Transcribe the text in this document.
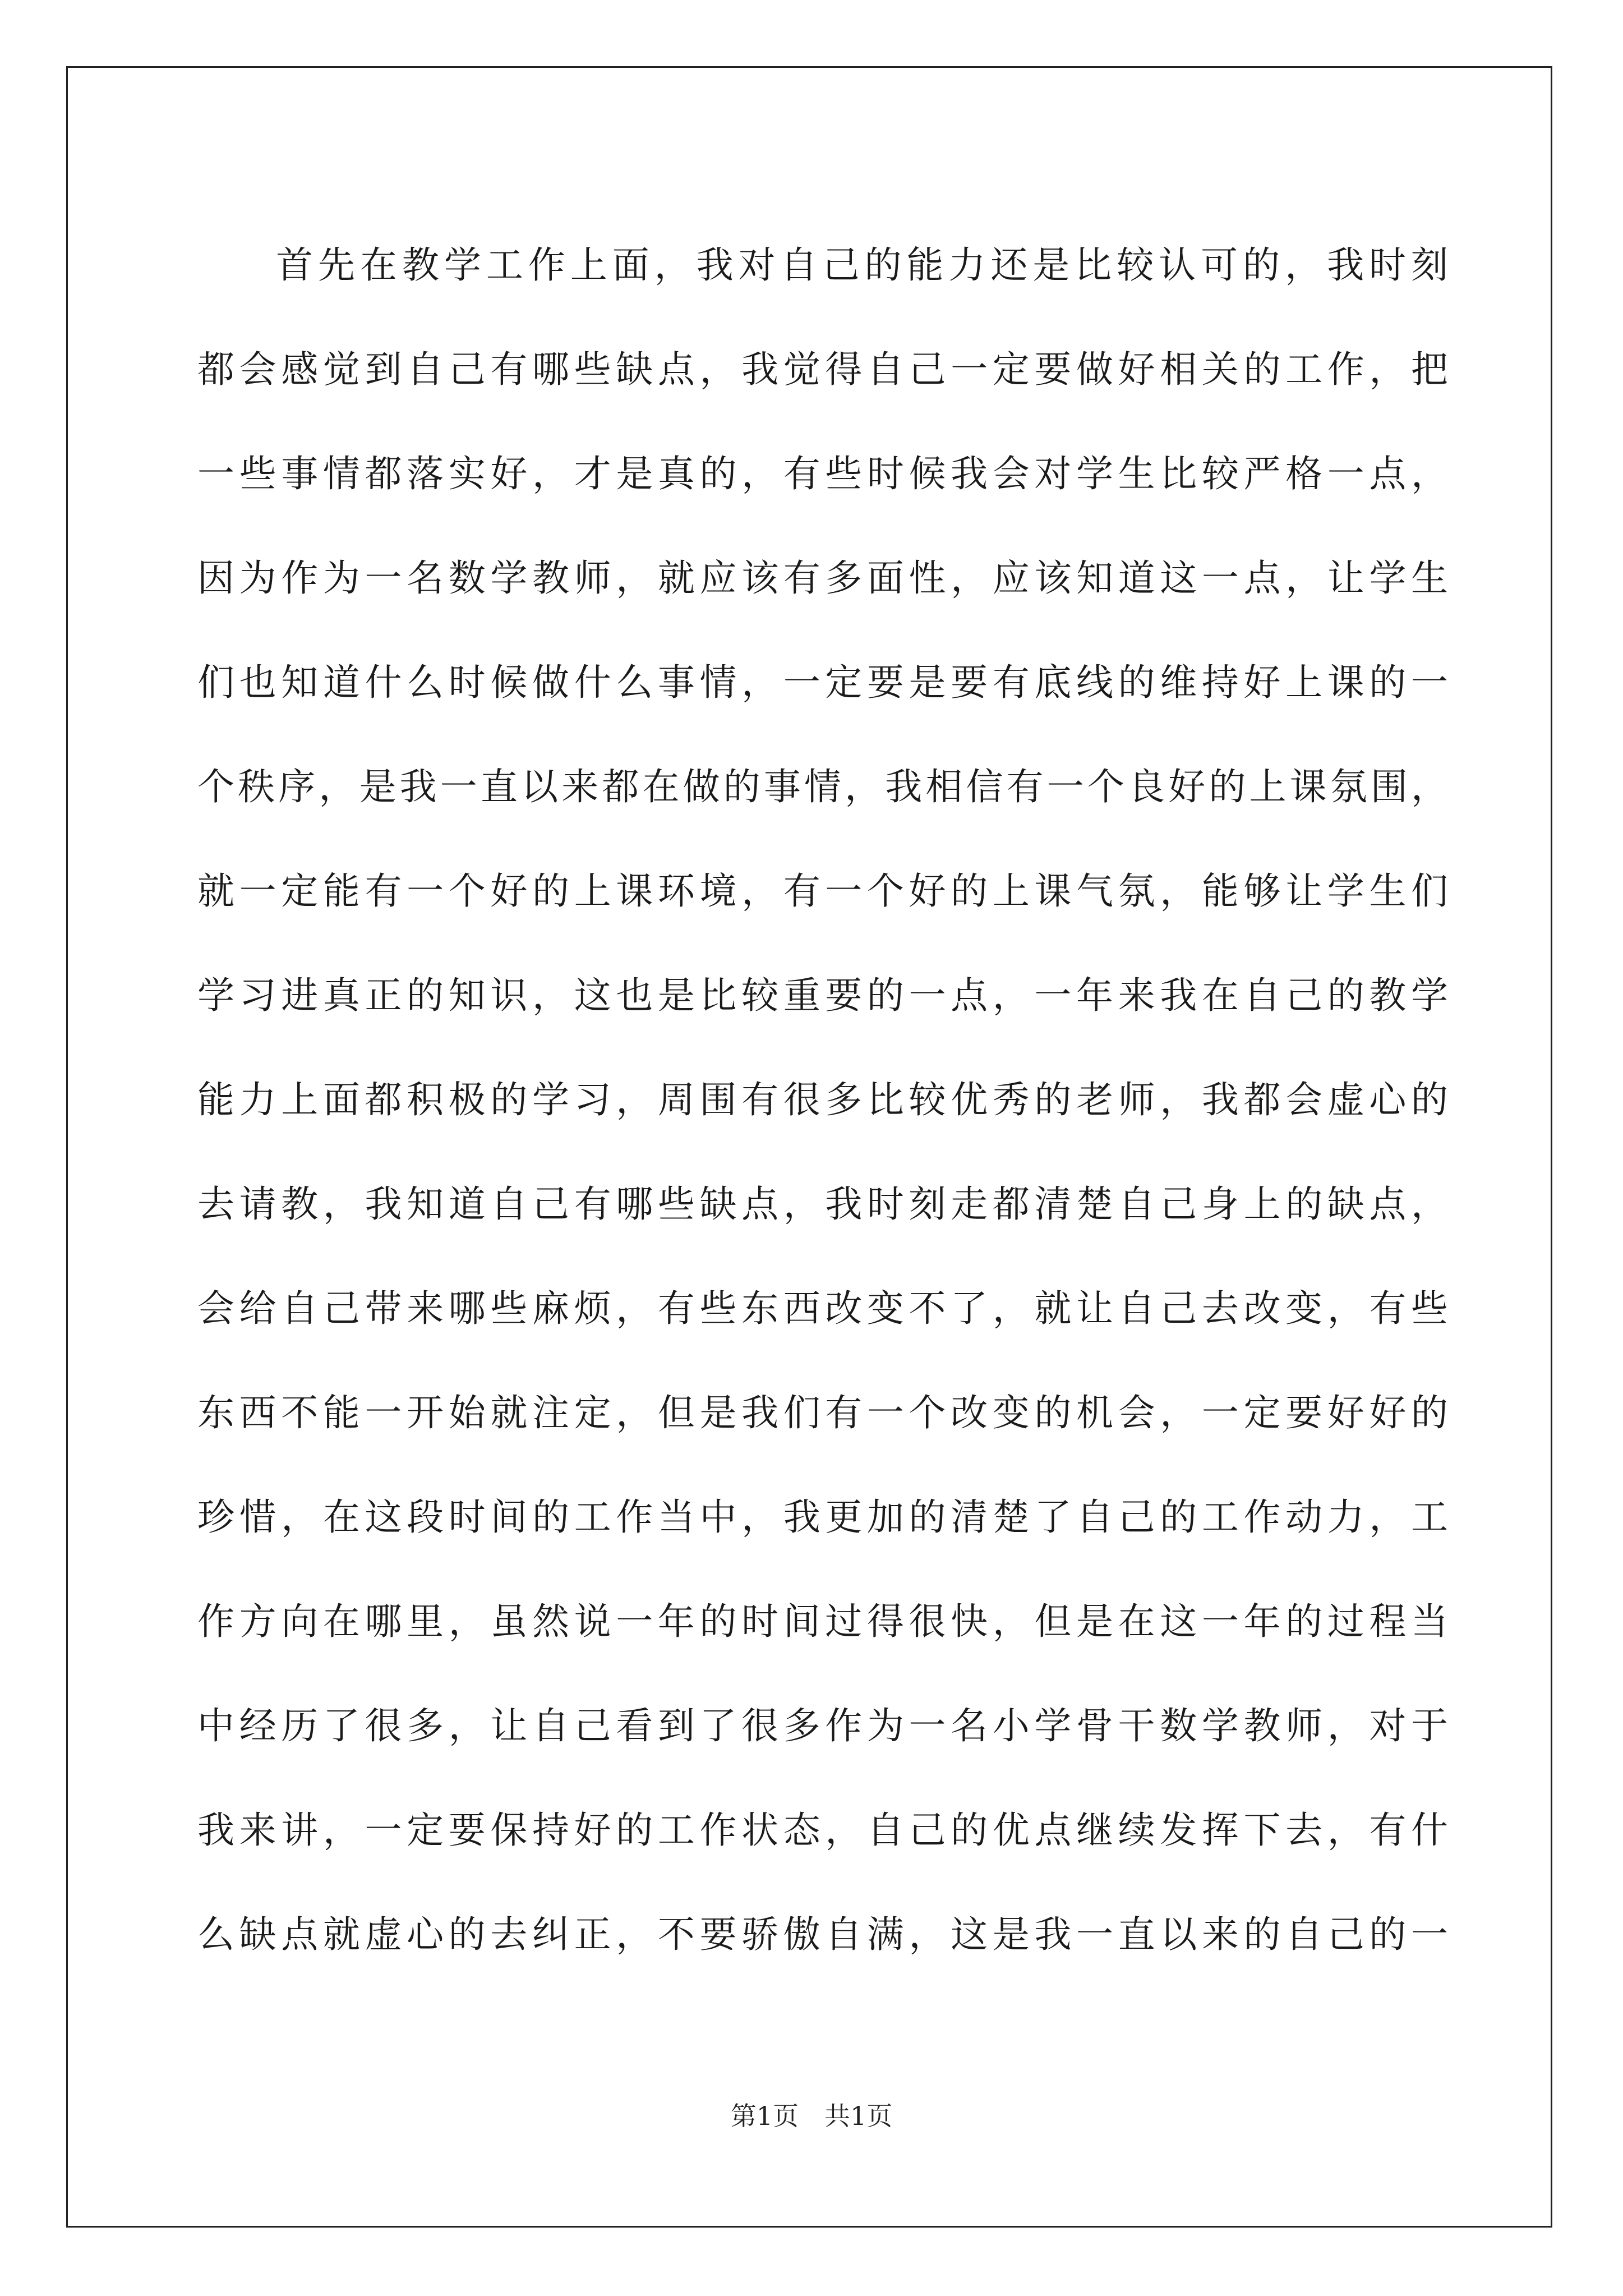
首先在教学工作上面，我对自己的能力还是比较认可的，我时刻
都会感觉到自己有哪些缺点，我觉得自己一定要做好相关的工作，把
一些事情都落实好，才是真的，有些时候我会对学生比较严格一点，
因为作为一名数学教师，就应该有多面性，应该知道这一点，让学生
们也知道什么时候做什么事情，一定要是要有底线的维持好上课的一
个秩序，是我一直以来都在做的事情，我相信有一个良好的上课氛围，
就一定能有一个好的上课环境，有一个好的上课气氛，能够让学生们
学习进真正的知识，这也是比较重要的一点，一年来我在自己的教学
能力上面都积极的学习，周围有很多比较优秀的老师，我都会虚心的
去请教，我知道自己有哪些缺点，我时刻走都清楚自己身上的缺点，
会给自己带来哪些麻烦，有些东西改变不了，就让自己去改变，有些
东西不能一开始就注定，但是我们有一个改变的机会，一定要好好的
珍惜，在这段时间的工作当中，我更加的清楚了自己的工作动力，工
作方向在哪里，虽然说一年的时间过得很快，但是在这一年的过程当
中经历了很多，让自己看到了很多作为一名小学骨干数学教师，对于
我来讲，一定要保持好的工作状态，自己的优点继续发挥下去，有什
么缺点就虚心的去纠正，不要骄傲自满，这是我一直以来的自己的一
第1页　共1页
